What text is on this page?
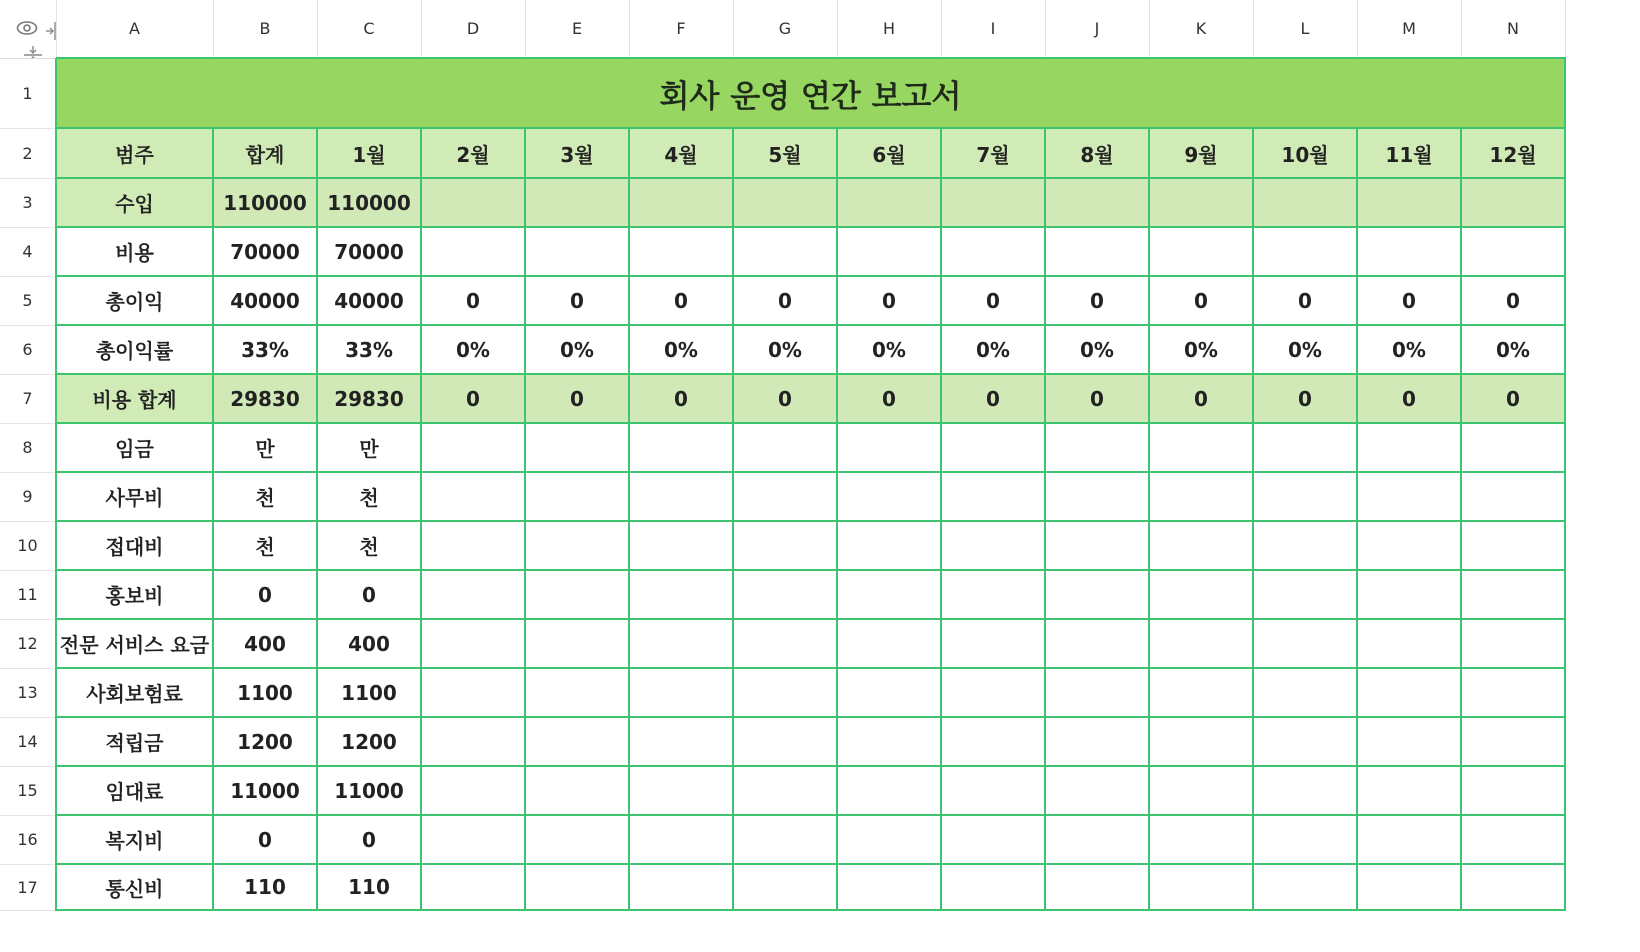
	A	B	C	D	E	F	G	H	I	J	K	L	M	N
1	회사 운영 연간 보고서													
2	범주	합계	1월	2월	3월	4월	5월	6월	7월	8월	9월	10월	11월	12월
3	수입	110000	110000											
4	비용	70000	70000											
5	총이익	40000	40000	0	0	0	0	0	0	0	0	0	0	0
6	총이익률	33%	33%	0%	0%	0%	0%	0%	0%	0%	0%	0%	0%	0%
7	비용 합계	29830	29830	0	0	0	0	0	0	0	0	0	0	0
8	임금	만	만											
9	사무비	천	천											
10	접대비	천	천											
11	홍보비	0	0											
12	전문 서비스 요금	400	400											
13	사회보험료	1100	1100											
14	적립금	1200	1200											
15	임대료	11000	11000											
16	복지비	0	0											
17	통신비	110	110											
